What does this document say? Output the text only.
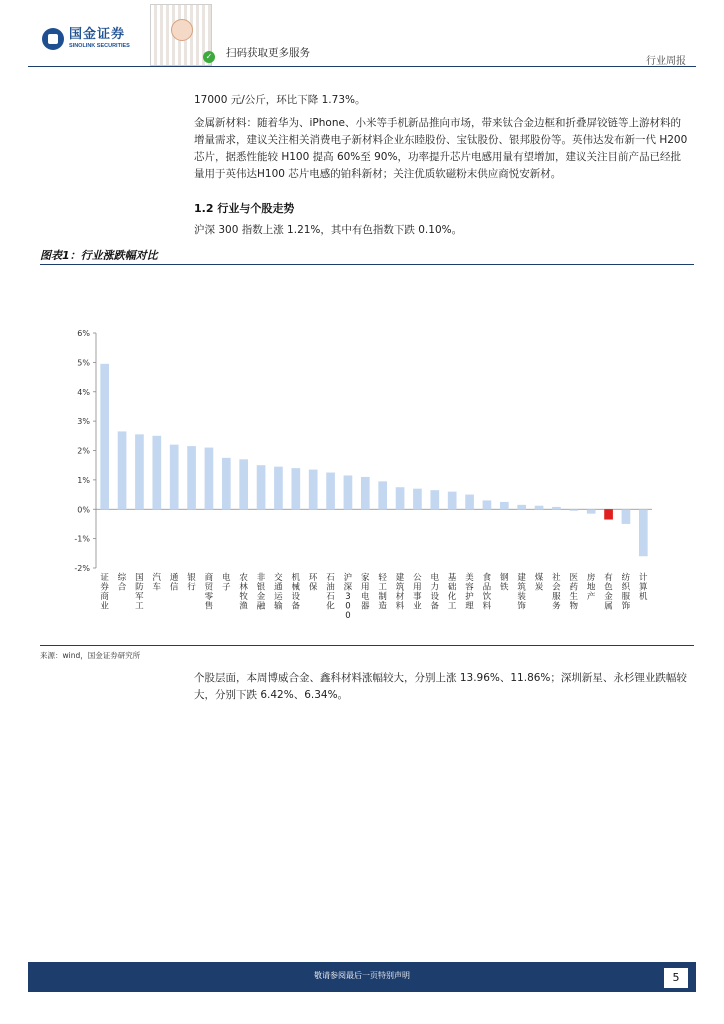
国金证券
SINOLINK SECURITIES
✓ 扫码获取更多服务
行业周报
17000 元/公斤，环比下降 1.73%。
金属新材料：随着华为、iPhone、小米等手机新品推向市场，带来钛合金边框和折叠屏铰链等上游材料的增量需求，建议关注相关消费电子新材料企业东睦股份、宝钛股份、银邦股份等。英伟达发布新一代 H200 芯片，据悉性能较 H100 提高 60%至 90%，功率提升芯片电感用量有望增加，建议关注目前产品已经批量用于英伟达H100 芯片电感的铂科新材；关注优质软磁粉末供应商悦安新材。
1.2 行业与个股走势
沪深 300 指数上涨 1.21%，其中有色指数下跌 0.10%。
图表1：行业涨跌幅对比
-2%
-1%
0%
1%
2%
3%
4%
5%
6%
证券商业
综合
国防军工
汽车
通信
银行
商贸零售
电子
农林牧渔
非银金融
交通运输
机械设备
环保
石油石化
沪深 3 0 0
家用电器
轻工制造
建筑材料
公用事业
电力设备
基础化工
美容护理
食品饮料
钢铁
建筑装饰
煤炭
社会服务
医药生物
房地产
有色金属
纺织服饰
计算机
来源：wind，国金证券研究所
个股层面，本周博威合金、鑫科材料涨幅较大，分别上涨 13.96%、11.86%；深圳新星、永杉锂业跌幅较大，分别下跌 6.42%、6.34%。
敬请参阅最后一页特别声明	5
